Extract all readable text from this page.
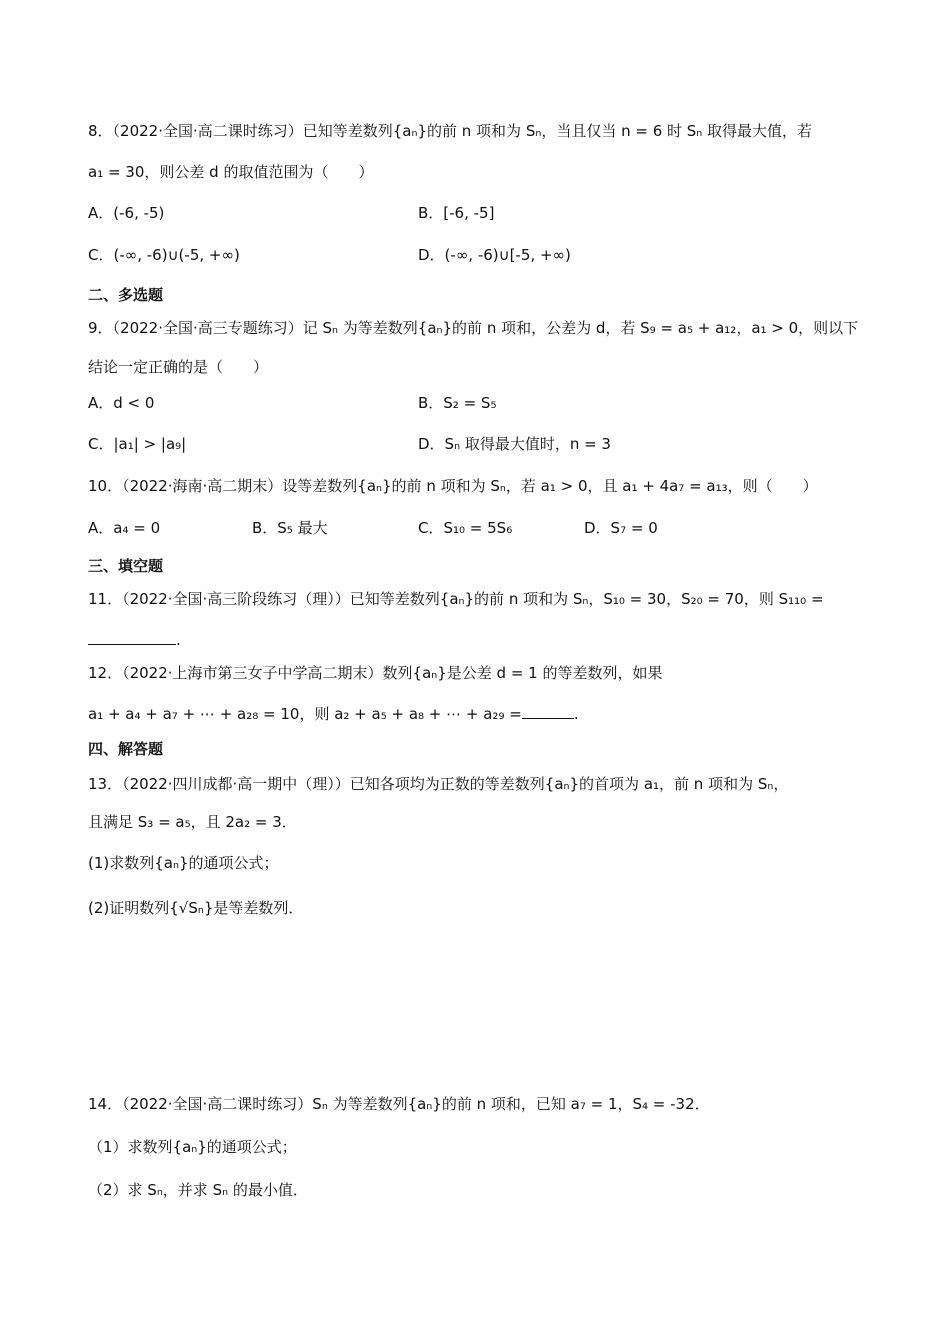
8．（2022·全国·高二课时练习）已知等差数列{aₙ}的前 n 项和为 Sₙ，当且仅当 n = 6 时 Sₙ 取得最大值，若
a₁ = 30，则公差 d 的取值范围为（　　）
A．(-6, -5)	B．[-6, -5]
C．(-∞, -6)∪(-5, +∞)	D．(-∞, -6)∪[-5, +∞)
二、多选题
9．（2022·全国·高三专题练习）记 Sₙ 为等差数列{aₙ}的前 n 项和，公差为 d，若 S₉ = a₅ + a₁₂，a₁ > 0，则以下
结论一定正确的是（　　）
A．d < 0	B．S₂ = S₅
C．|a₁| > |a₉|	D．Sₙ 取得最大值时，n = 3
10．（2022·海南·高二期末）设等差数列{aₙ}的前 n 项和为 Sₙ，若 a₁ > 0，且 a₁ + 4a₇ = a₁₃，则（　　）
A．a₄ = 0	B．S₅ 最大	C．S₁₀ = 5S₆	D．S₇ = 0
三、填空题
11．（2022·全国·高三阶段练习（理））已知等差数列{aₙ}的前 n 项和为 Sₙ，S₁₀ = 30，S₂₀ = 70，则 S₁₁₀ =
.
12．（2022·上海市第三女子中学高二期末）数列{aₙ}是公差 d = 1 的等差数列，如果
a₁ + a₄ + a₇ + ⋯ + a₂₈ = 10，则 a₂ + a₅ + a₈ + ⋯ + a₂₉ =	.
四、解答题
13．（2022·四川成都·高一期中（理））已知各项均为正数的等差数列{aₙ}的首项为 a₁，前 n 项和为 Sₙ，
且满足 S₃ = a₅，且 2a₂ = 3．
(1)求数列{aₙ}的通项公式；
(2)证明数列{√Sₙ}是等差数列．
14．（2022·全国·高二课时练习）Sₙ 为等差数列{aₙ}的前 n 项和，已知 a₇ = 1，S₄ = -32．
（1）求数列{aₙ}的通项公式；
（2）求 Sₙ，并求 Sₙ 的最小值．
